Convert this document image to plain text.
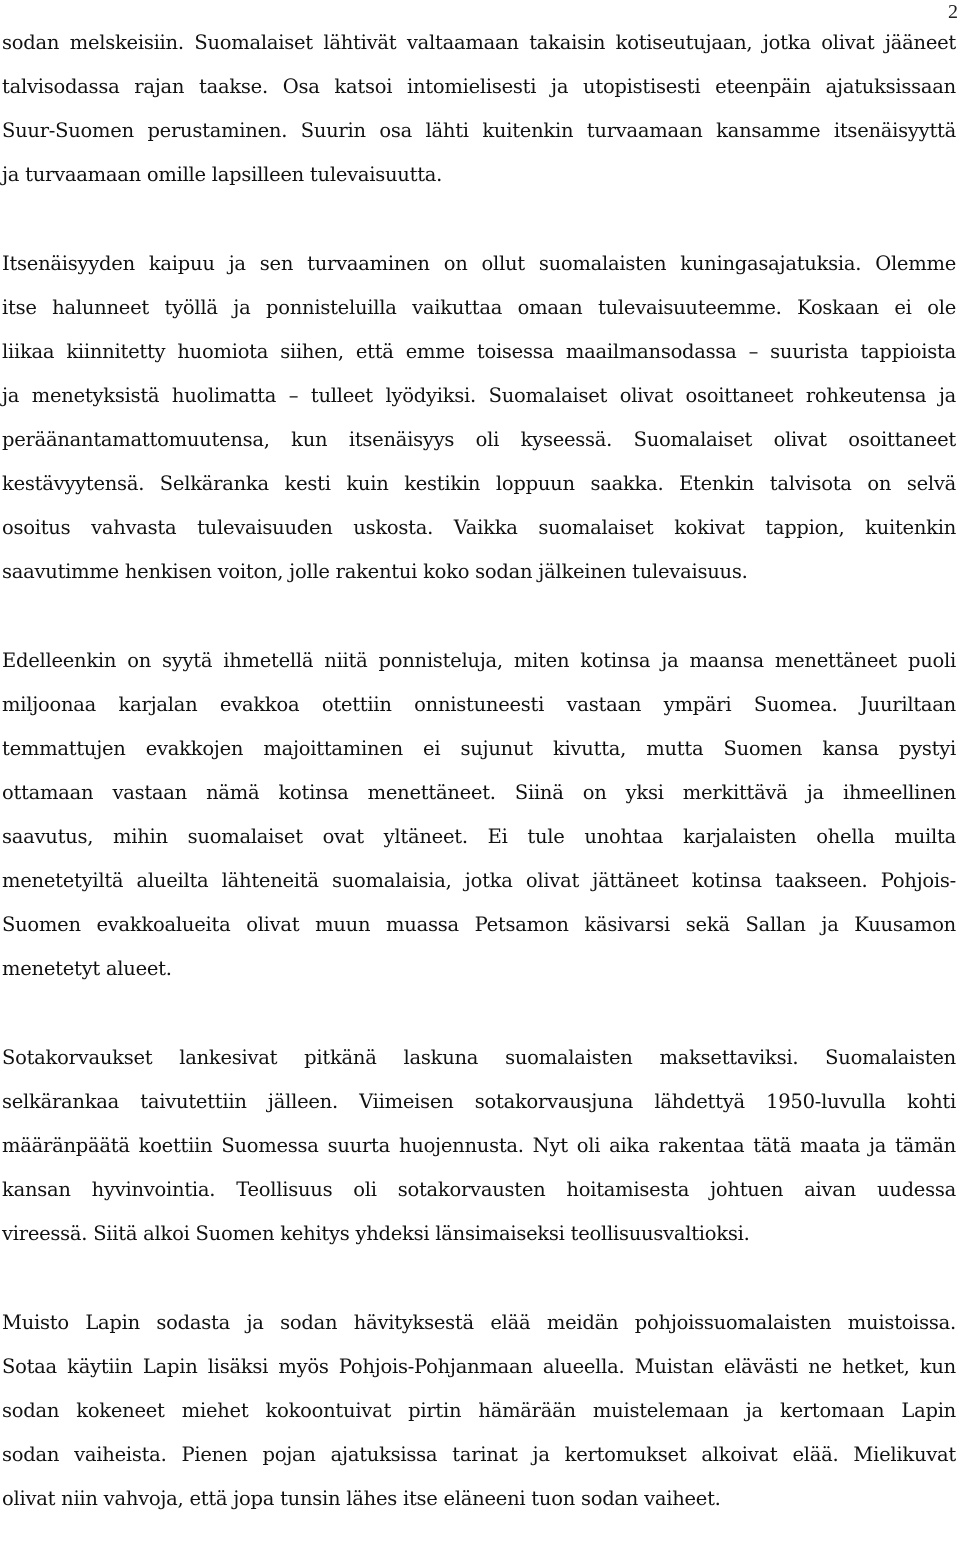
2
sodan melskeisiin. Suomalaiset lähtivät valtaamaan takaisin kotiseutujaan, jotka olivat jääneet
talvisodassa rajan taakse. Osa katsoi intomielisesti ja utopistisesti eteenpäin ajatuksissaan
Suur-Suomen perustaminen. Suurin osa lähti kuitenkin turvaamaan kansamme itsenäisyyttä
ja turvaamaan omille lapsilleen tulevaisuutta.
Itsenäisyyden kaipuu ja sen turvaaminen on ollut suomalaisten kuningasajatuksia. Olemme
itse halunneet työllä ja ponnisteluilla vaikuttaa omaan tulevaisuuteemme. Koskaan ei ole
liikaa kiinnitetty huomiota siihen, että emme toisessa maailmansodassa – suurista tappioista
ja menetyksistä huolimatta – tulleet lyödyiksi. Suomalaiset olivat osoittaneet rohkeutensa ja
peräänantamattomuutensa, kun itsenäisyys oli kyseessä. Suomalaiset olivat osoittaneet
kestävyytensä. Selkäranka kesti kuin kestikin loppuun saakka. Etenkin talvisota on selvä
osoitus vahvasta tulevaisuuden uskosta. Vaikka suomalaiset kokivat tappion, kuitenkin
saavutimme henkisen voiton, jolle rakentui koko sodan jälkeinen tulevaisuus.
Edelleenkin on syytä ihmetellä niitä ponnisteluja, miten kotinsa ja maansa menettäneet puoli
miljoonaa karjalan evakkoa otettiin onnistuneesti vastaan ympäri Suomea. Juuriltaan
temmattujen evakkojen majoittaminen ei sujunut kivutta, mutta Suomen kansa pystyi
ottamaan vastaan nämä kotinsa menettäneet. Siinä on yksi merkittävä ja ihmeellinen
saavutus, mihin suomalaiset ovat yltäneet. Ei tule unohtaa karjalaisten ohella muilta
menetetyiltä alueilta lähteneitä suomalaisia, jotka olivat jättäneet kotinsa taakseen. Pohjois-
Suomen evakkoalueita olivat muun muassa Petsamon käsivarsi sekä Sallan ja Kuusamon
menetetyt alueet.
Sotakorvaukset lankesivat pitkänä laskuna suomalaisten maksettaviksi. Suomalaisten
selkärankaa taivutettiin jälleen. Viimeisen sotakorvausjuna lähdettyä 1950-luvulla kohti
määränpäätä koettiin Suomessa suurta huojennusta. Nyt oli aika rakentaa tätä maata ja tämän
kansan hyvinvointia. Teollisuus oli sotakorvausten hoitamisesta johtuen aivan uudessa
vireessä. Siitä alkoi Suomen kehitys yhdeksi länsimaiseksi teollisuusvaltioksi.
Muisto Lapin sodasta ja sodan hävityksestä elää meidän pohjoissuomalaisten muistoissa.
Sotaa käytiin Lapin lisäksi myös Pohjois-Pohjanmaan alueella. Muistan elävästi ne hetket, kun
sodan kokeneet miehet kokoontuivat pirtin hämärään muistelemaan ja kertomaan Lapin
sodan vaiheista. Pienen pojan ajatuksissa tarinat ja kertomukset alkoivat elää. Mielikuvat
olivat niin vahvoja, että jopa tunsin lähes itse eläneeni tuon sodan vaiheet.
